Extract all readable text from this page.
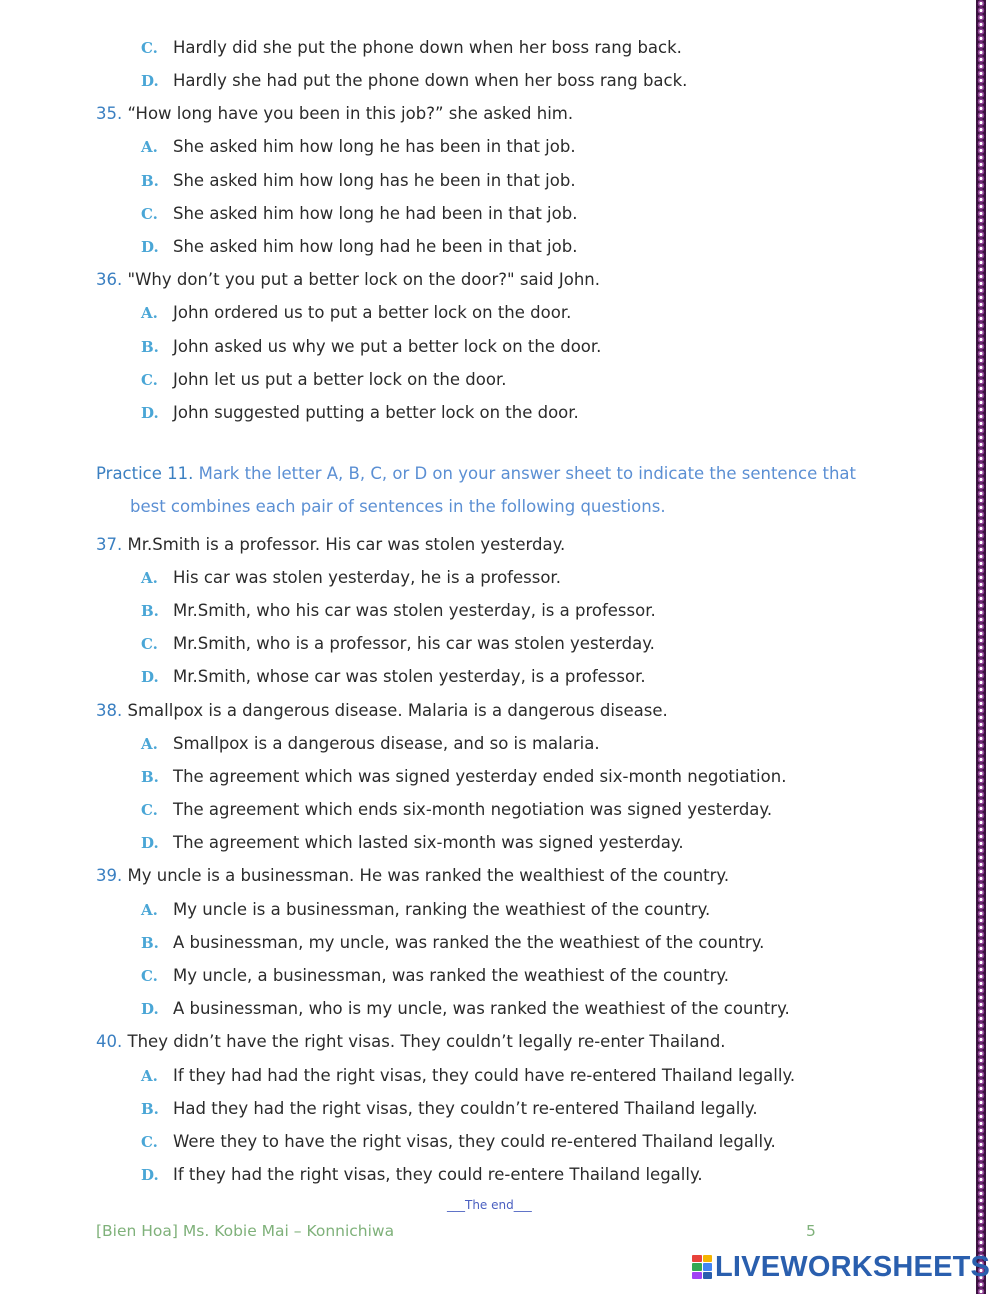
C. Hardly did she put the phone down when her boss rang back.
D. Hardly she had put the phone down when her boss rang back.
35. “How long have you been in this job?” she asked him.
A. She asked him how long he has been in that job.
B. She asked him how long has he been in that job.
C. She asked him how long he had been in that job.
D. She asked him how long had he been in that job.
36. "Why don’t you put a better lock on the door?" said John.
A. John ordered us to put a better lock on the door.
B. John asked us why we put a better lock on the door.
C. John let us put a better lock on the door.
D. John suggested putting a better lock on the door.
Practice 11. Mark the letter A, B, C, or D on your answer sheet to indicate the sentence that
best combines each pair of sentences in the following questions.
37. Mr.Smith is a professor. His car was stolen yesterday.
A. His car was stolen yesterday, he is a professor.
B. Mr.Smith, who his car was stolen yesterday, is a professor.
C. Mr.Smith, who is a professor, his car was stolen yesterday.
D. Mr.Smith, whose car was stolen yesterday, is a professor.
38. Smallpox is a dangerous disease. Malaria is a dangerous disease.
A. Smallpox is a dangerous disease, and so is malaria.
B. The agreement which was signed yesterday ended six-month negotiation.
C. The agreement which ends six-month negotiation was signed yesterday.
D. The agreement which lasted six-month was signed yesterday.
39. My uncle is a businessman. He was ranked the wealthiest of the country.
A. My uncle is a businessman, ranking the weathiest of the country.
B. A businessman, my uncle, was ranked the the weathiest of the country.
C. My uncle, a businessman, was ranked the weathiest of the country.
D. A businessman, who is my uncle, was ranked the weathiest of the country.
40. They didn’t have the right visas. They couldn’t legally re-enter Thailand.
A. If they had had the right visas, they could have re-entered Thailand legally.
B. Had they had the right visas, they couldn’t re-entered Thailand legally.
C. Were they to have the right visas, they could re-entered Thailand legally.
D. If they had the right visas, they could re-entere Thailand legally.
___The end___
[Bien Hoa] Ms. Kobie Mai – Konnichiwa	5
LIVEWORKSHEETS
